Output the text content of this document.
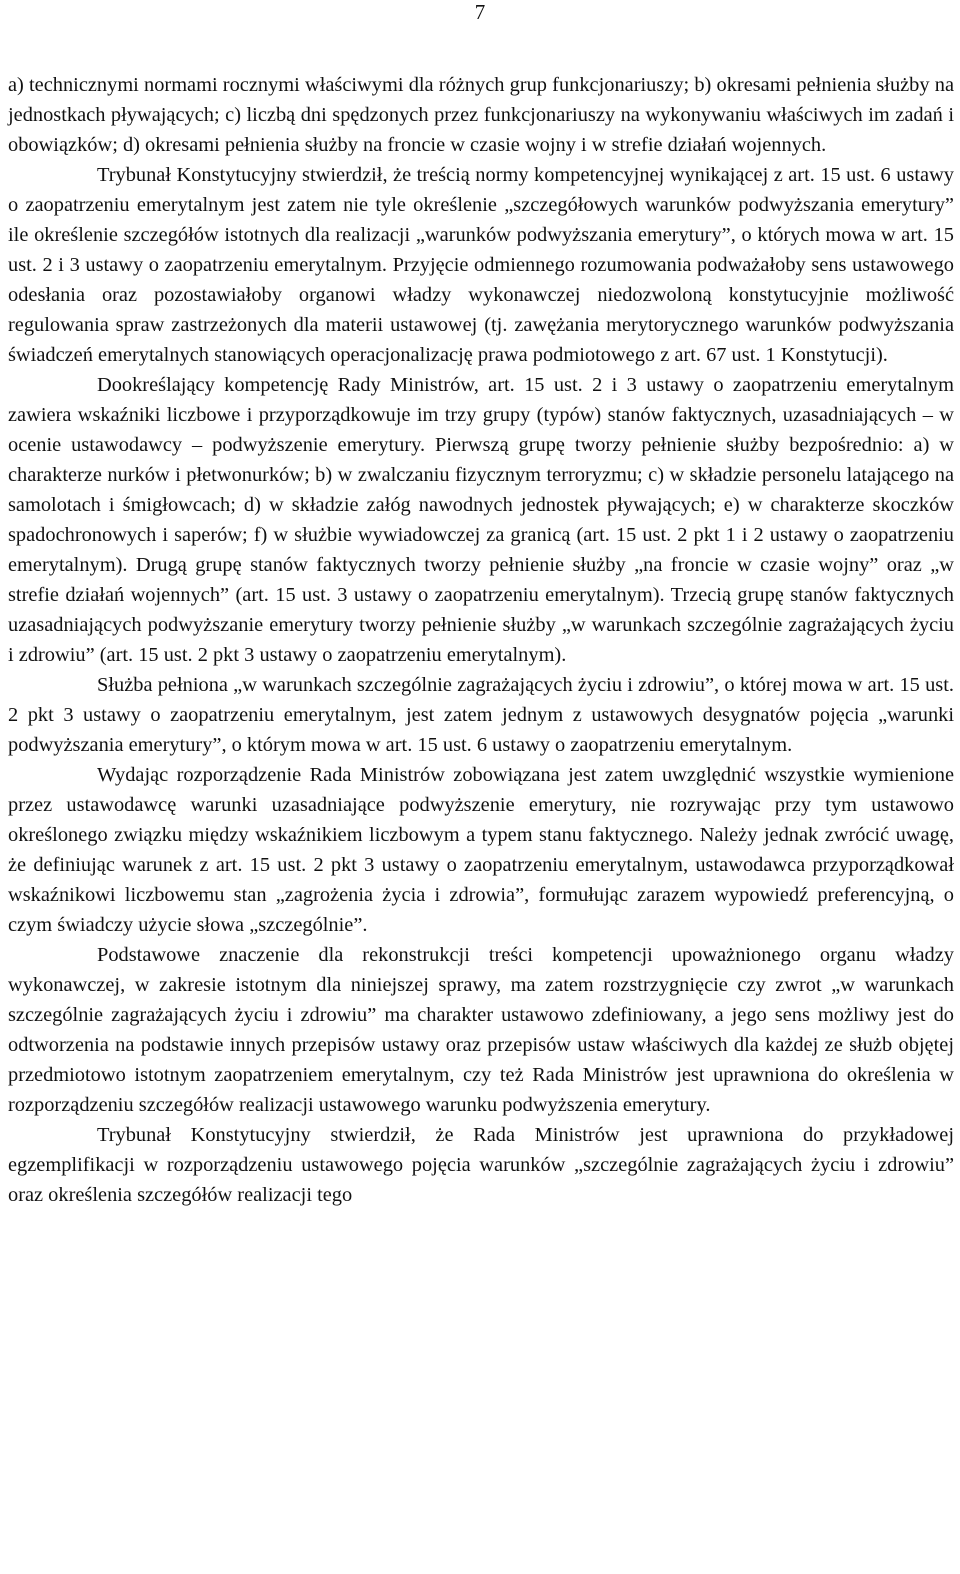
7

a) technicznymi normami rocznymi właściwymi dla różnych grup funkcjonariuszy; b) okresami pełnienia służby na jednostkach pływających; c) liczbą dni spędzonych przez funkcjonariuszy na wykonywaniu właściwych im zadań i obowiązków; d) okresami pełnienia służby na froncie w czasie wojny i w strefie działań wojennych.

Trybunał Konstytucyjny stwierdził, że treścią normy kompetencyjnej wynikającej z art. 15 ust. 6 ustawy o zaopatrzeniu emerytalnym jest zatem nie tyle określenie „szczegółowych warunków podwyższania emerytury” ile określenie szczegółów istotnych dla realizacji „warunków podwyższania emerytury”, o których mowa w art. 15 ust. 2 i 3 ustawy o zaopatrzeniu emerytalnym. Przyjęcie odmiennego rozumowania podważałoby sens ustawowego odesłania oraz pozostawiałoby organowi władzy wykonawczej niedozwoloną konstytucyjnie możliwość regulowania spraw zastrzeżonych dla materii ustawowej (tj. zawężania merytorycznego warunków podwyższania świadczeń emerytalnych stanowiących operacjonalizację prawa podmiotowego z art. 67 ust. 1 Konstytucji).

Dookreślający kompetencję Rady Ministrów, art. 15 ust. 2 i 3 ustawy o zaopatrzeniu emerytalnym zawiera wskaźniki liczbowe i przyporządkowuje im trzy grupy (typów) stanów faktycznych, uzasadniających – w ocenie ustawodawcy – podwyższenie emerytury. Pierwszą grupę tworzy pełnienie służby bezpośrednio: a) w charakterze nurków i płetwonurków; b) w zwalczaniu fizycznym terroryzmu; c) w składzie personelu latającego na samolotach i śmigłowcach; d) w składzie załóg nawodnych jednostek pływających; e) w charakterze skoczków spadochronowych i saperów; f) w służbie wywiadowczej za granicą (art. 15 ust. 2 pkt 1 i 2 ustawy o zaopatrzeniu emerytalnym). Drugą grupę stanów faktycznych tworzy pełnienie służby „na froncie w czasie wojny” oraz „w strefie działań wojennych” (art. 15 ust. 3 ustawy o zaopatrzeniu emerytalnym). Trzecią grupę stanów faktycznych uzasadniających podwyższanie emerytury tworzy pełnienie służby „w warunkach szczególnie zagrażających życiu i zdrowiu” (art. 15 ust. 2 pkt 3 ustawy o zaopatrzeniu emerytalnym).

Służba pełniona „w warunkach szczególnie zagrażających życiu i zdrowiu”, o której mowa w art. 15 ust. 2 pkt 3 ustawy o zaopatrzeniu emerytalnym, jest zatem jednym z ustawowych desygnatów pojęcia „warunki podwyższania emerytury”, o którym mowa w art. 15 ust. 6 ustawy o zaopatrzeniu emerytalnym.

Wydając rozporządzenie Rada Ministrów zobowiązana jest zatem uwzględnić wszystkie wymienione przez ustawodawcę warunki uzasadniające podwyższenie emerytury, nie rozrywając przy tym ustawowo określonego związku między wskaźnikiem liczbowym a typem stanu faktycznego. Należy jednak zwrócić uwagę, że definiując warunek z art. 15 ust. 2 pkt 3 ustawy o zaopatrzeniu emerytalnym, ustawodawca przyporządkował wskaźnikowi liczbowemu stan „zagrożenia życia i zdrowia”, formułując zarazem wypowiedź preferencyjną, o czym świadczy użycie słowa „szczególnie”.

Podstawowe znaczenie dla rekonstrukcji treści kompetencji upoważnionego organu władzy wykonawczej, w zakresie istotnym dla niniejszej sprawy, ma zatem rozstrzygnięcie czy zwrot „w warunkach szczególnie zagrażających życiu i zdrowiu” ma charakter ustawowo zdefiniowany, a jego sens możliwy jest do odtworzenia na podstawie innych przepisów ustawy oraz przepisów ustaw właściwych dla każdej ze służb objętej przedmiotowo istotnym zaopatrzeniem emerytalnym, czy też Rada Ministrów jest uprawniona do określenia w rozporządzeniu szczegółów realizacji ustawowego warunku podwyższenia emerytury.

Trybunał Konstytucyjny stwierdził, że Rada Ministrów jest uprawniona do przykładowej egzemplifikacji w rozporządzeniu ustawowego pojęcia warunków „szczególnie zagrażających życiu i zdrowiu” oraz określenia szczegółów realizacji tego
